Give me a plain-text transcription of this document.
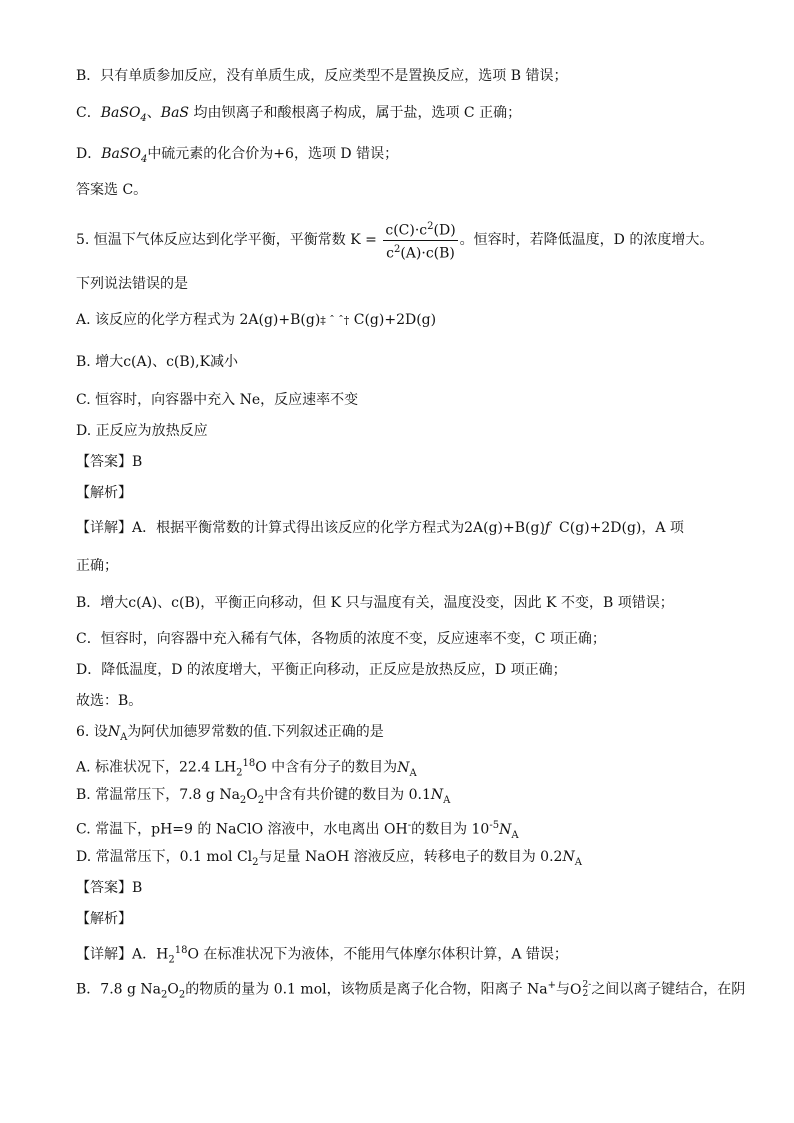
B．只有单质参加反应，没有单质生成，反应类型不是置换反应，选项 B 错误；
C．BaSO$_4$、BaS 均由钡离子和酸根离子构成，属于盐，选项 C 正确；
D．BaSO$_4$中硫元素的化合价为+6，选项 D 错误；
答案选 C。
5. 恒温下气体反应达到化学平衡，平衡常数 $K = \frac{c(C)\cdot c^2(D)}{c^2(A)\cdot c(B)}$ 。恒容时，若降低温度，D 的浓度增大。
下列说法错误的是
A. 该反应的化学方程式为 2A(g)+B(g)‡ ˆ ˆ† C(g)+2D(g)
B. 增大c(A)、c(B),K减小
C. 恒容时，向容器中充入 Ne，反应速率不变
D. 正反应为放热反应
【答案】B
【解析】
【详解】A．根据平衡常数的计算式得出该反应的化学方程式为2A(g)+B(g)ƒ C(g)+2D(g)，A 项
正确；
B．增大c(A)、c(B)，平衡正向移动，但 K 只与温度有关，温度没变，因此 K 不变，B 项错误；
C．恒容时，向容器中充入稀有气体，各物质的浓度不变，反应速率不变，C 项正确；
D．降低温度，D 的浓度增大，平衡正向移动，正反应是放热反应，D 项正确；
故选：B。
6. 设$N_A$为阿伏加德罗常数的值.下列叙述正确的是
A. 标准状况下，22.4 $LH_2^{18}O$ 中含有分子的数目为$N_A$
B. 常温常压下，7.8 g $Na_2O_2$中含有共价键的数目为 $0.1N_A$
C. 常温下，pH=9 的 NaClO 溶液中，水电离出 OH-的数目为 $10^{-5}N_A$
D. 常温常压下，0.1 mol $Cl_2$与足量 NaOH 溶液反应，转移电子的数目为 $0.2N_A$
【答案】B
【解析】
【详解】A．$H_2^{18}O$ 在标准状况下为液体，不能用气体摩尔体积计算，A 错误；
B．7.8 g $Na_2O_2$的物质的量为 0.1 mol，该物质是离子化合物，阳离子 Na+与O 2-
2 之间以离子键结合，在阴
